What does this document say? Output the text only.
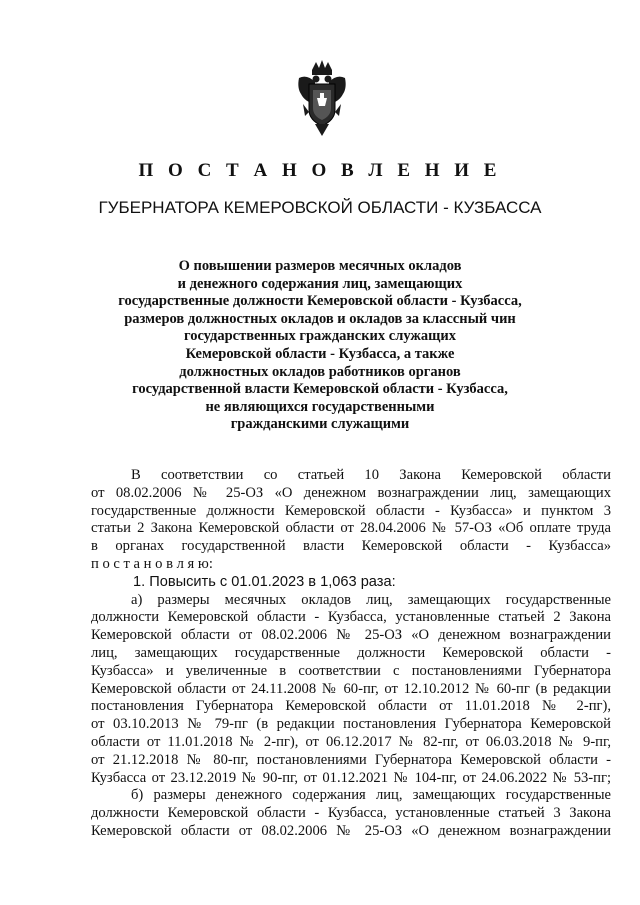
П О С Т А Н О В Л Е Н И Е
ГУБЕРНАТОРА КЕМЕРОВСКОЙ ОБЛАСТИ - КУЗБАССА
О повышении размеров месячных окладов
и денежного содержания лиц, замещающих
государственные должности Кемеровской области - Кузбасса,
размеров должностных окладов и окладов за классный чин
государственных гражданских служащих
Кемеровской области - Кузбасса, а также
должностных окладов работников органов
государственной власти Кемеровской области - Кузбасса,
не являющихся государственными
гражданскими служащими
В соответствии со статьей 10 Закона Кемеровской области
от 08.02.2006 № 25-ОЗ «О денежном вознаграждении лиц, замещающих
государственные должности Кемеровской области - Кузбасса» и пунктом 3
статьи 2 Закона Кемеровской области от 28.04.2006 № 57-ОЗ «Об оплате труда
в органах государственной власти Кемеровской области - Кузбасса»
п о с т а н о в л я ю:
1. Повысить с 01.01.2023 в 1,063 раза:
а) размеры месячных окладов лиц, замещающих государственные
должности Кемеровской области - Кузбасса, установленные статьей 2 Закона
Кемеровской области от 08.02.2006 № 25-ОЗ «О денежном вознаграждении
лиц, замещающих государственные должности Кемеровской области -
Кузбасса» и увеличенные в соответствии с постановлениями Губернатора
Кемеровской области от 24.11.2008 № 60-пг, от 12.10.2012 № 60-пг (в редакции
постановления Губернатора Кемеровской области от 11.01.2018 № 2-пг),
от 03.10.2013 № 79-пг (в редакции постановления Губернатора Кемеровской
области от 11.01.2018 № 2-пг), от 06.12.2017 № 82-пг, от 06.03.2018 № 9-пг,
от 21.12.2018 № 80-пг, постановлениями Губернатора Кемеровской области -
Кузбасса от 23.12.2019 № 90-пг, от 01.12.2021 № 104-пг, от 24.06.2022 № 53-пг;
б) размеры денежного содержания лиц, замещающих государственные
должности Кемеровской области - Кузбасса, установленные статьей 3 Закона
Кемеровской области от 08.02.2006 № 25-ОЗ «О денежном вознаграждении
